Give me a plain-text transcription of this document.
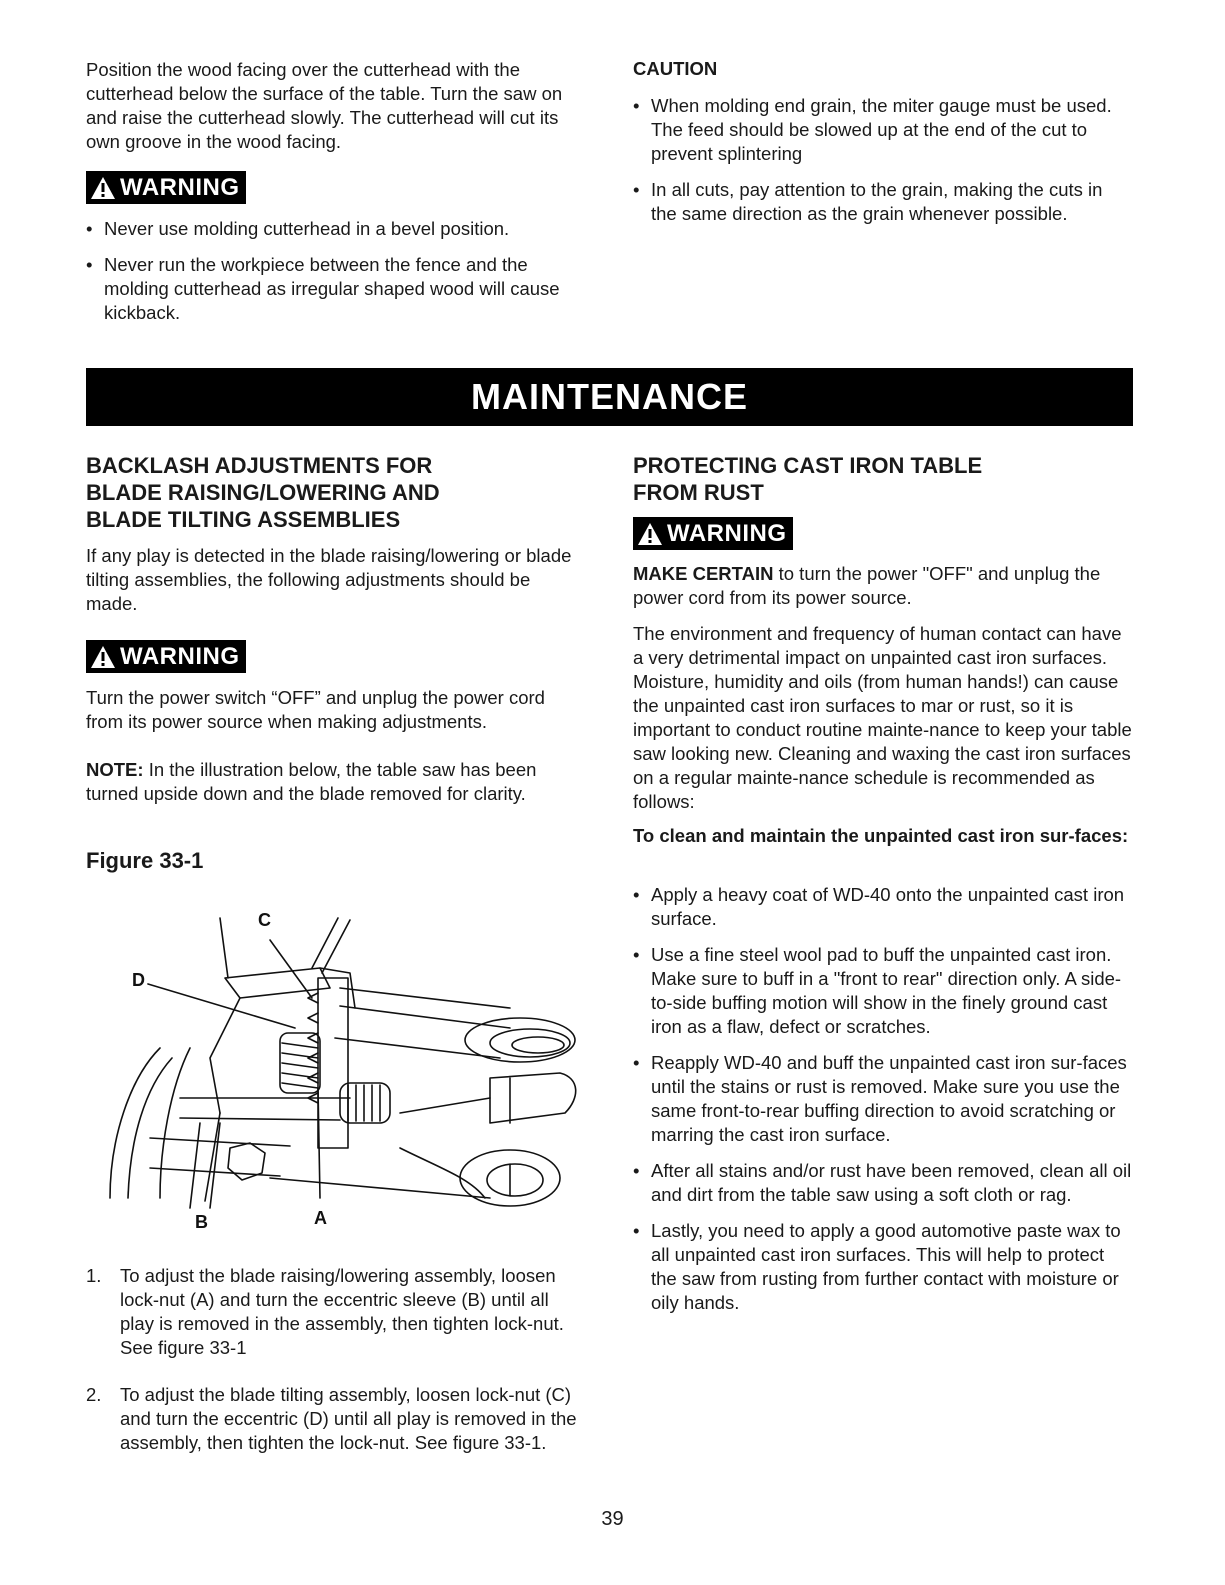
Position the wood facing over the cutterhead with the cutterhead below the surface of the table. Turn the saw on and raise the cutterhead slowly. The cutterhead will cut its own groove in the wood facing.

WARNING
• Never use molding cutterhead in a bevel position.
• Never run the workpiece between the fence and the molding cutterhead as irregular shaped wood will cause kickback.
CAUTION
• When molding end grain, the miter gauge must be used. The feed should be slowed up at the end of the cut to prevent splintering
• In all cuts, pay attention to the grain, making the cuts in the same direction as the grain whenever possible.
MAINTENANCE

BACKLASH ADJUSTMENTS FOR

BLADE RAISING/LOWERING AND

BLADE TILTING ASSEMBLIES

If any play is detected in the blade raising/lowering or blade tilting assemblies, the following adjustments should be made.

WARNING

Turn the power switch “OFF” and unplug the power cord from its power source when making adjustments.

NOTE: In the illustration below, the table saw has been turned upside down and the blade removed for clarity.

Figure 33-1
C
D
B	A
1. To adjust the blade raising/lowering assembly, loosen lock-nut (A) and turn the eccentric sleeve (B) until all play is removed in the assembly, then tighten lock-nut. See figure 33-1
2. To adjust the blade tilting assembly, loosen lock-nut (C) and turn the eccentric (D) until all play is removed in the assembly, then tighten the lock-nut. See figure 33-1.

PROTECTING CAST IRON TABLE

FROM RUST

WARNING

MAKE CERTAIN to turn the power "OFF" and unplug the power cord from its power source.

The environment and frequency of human contact can have a very detrimental impact on unpainted cast iron surfaces. Moisture, humidity and oils (from human hands!) can cause the unpainted cast iron surfaces to mar or rust, so it is important to conduct routine mainte-nance to keep your table saw looking new. Cleaning and waxing the cast iron surfaces on a regular mainte-nance schedule is recommended as follows:

To clean and maintain the unpainted cast iron sur-faces:

• Apply a heavy coat of WD-40 onto the unpainted cast iron surface.
• Use a fine steel wool pad to buff the unpainted cast iron. Make sure to buff in a "front to rear" direction only. A side-to-side buffing motion will show in the finely ground cast iron as a flaw, defect or scratches.
• Reapply WD-40 and buff the unpainted cast iron sur-faces until the stains or rust is removed. Make sure you use the same front-to-rear buffing direction to avoid scratching or marring the cast iron surface.
• After all stains and/or rust have been removed, clean all oil and dirt from the table saw using a soft cloth or rag.
• Lastly, you need to apply a good automotive paste wax to all unpainted cast iron surfaces. This will help to protect the saw from rusting from further contact with moisture or oily hands.
39
